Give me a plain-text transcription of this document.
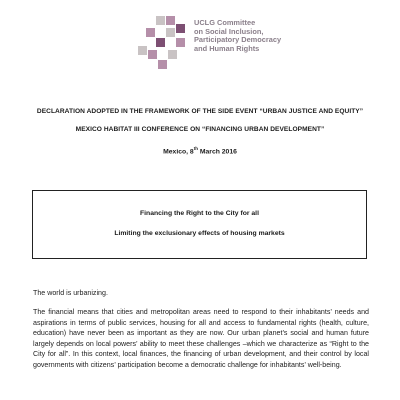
UCLG Committee
on Social Inclusion,
Participatory Democracy
and Human Rights
DECLARATION ADOPTED IN THE FRAMEWORK OF THE SIDE EVENT “URBAN JUSTICE AND EQUITY”
MEXICO HABITAT III CONFERENCE ON “FINANCING URBAN DEVELOPMENT”
Mexico, 8th March 2016
Financing the Right to the City for all
Limiting the exclusionary effects of housing markets
The world is urbanizing.
The financial means that cities and metropolitan areas need to respond to their inhabitants’ needs and aspirations in terms of public services, housing for all and access to fundamental rights (health, culture, education) have never been as important as they are now. Our urban planet’s social and human future largely depends on local powers’ ability to meet these challenges –which we characterize as “Right to the City for all”. In this context, local finances, the financing of urban development, and their control by local governments with citizens’ participation become a democratic challenge for inhabitants’ well-being.
